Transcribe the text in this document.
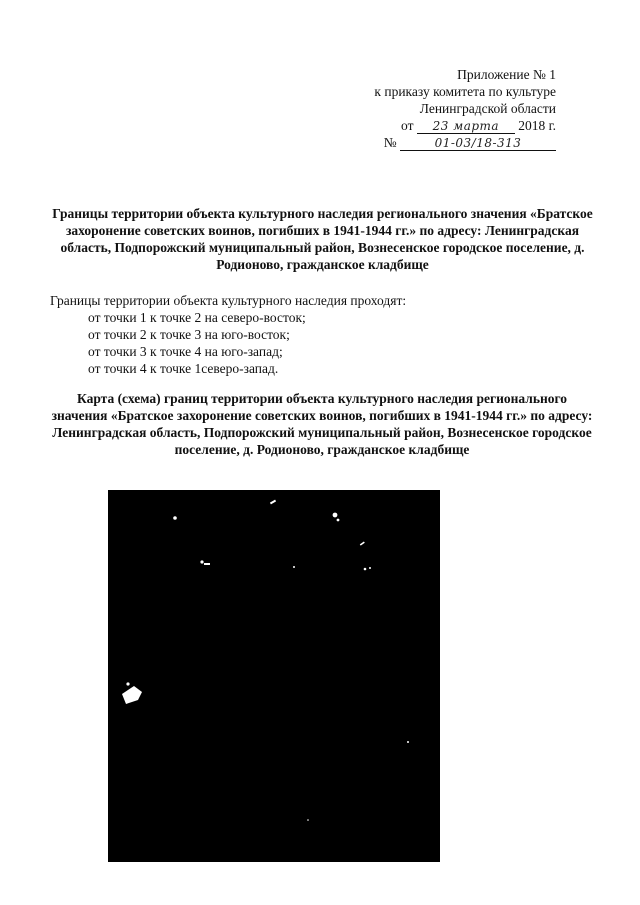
Приложение № 1
к приказу комитета по культуре
Ленинградской области
от 23 марта 2018 г.
№	01-03/18-313
Границы территории объекта культурного наследия регионального значения «Братское захоронение советских воинов, погибших в 1941-1944 гг.» по адресу: Ленинградская область, Подпорожский муниципальный район, Вознесенское городское поселение, д. Родионово, гражданское кладбище
Границы территории объекта культурного наследия проходят:
от точки 1 к точке 2 на северо-восток;
от точки 2 к точке 3 на юго-восток;
от точки 3 к точке 4 на юго-запад;
от точки 4 к точке 1северо-запад.
Карта (схема) границ территории объекта культурного наследия регионального значения «Братское захоронение советских воинов, погибших в 1941-1944 гг.» по адресу: Ленинградская область, Подпорожский муниципальный район, Вознесенское городское поселение, д. Родионово, гражданское кладбище
